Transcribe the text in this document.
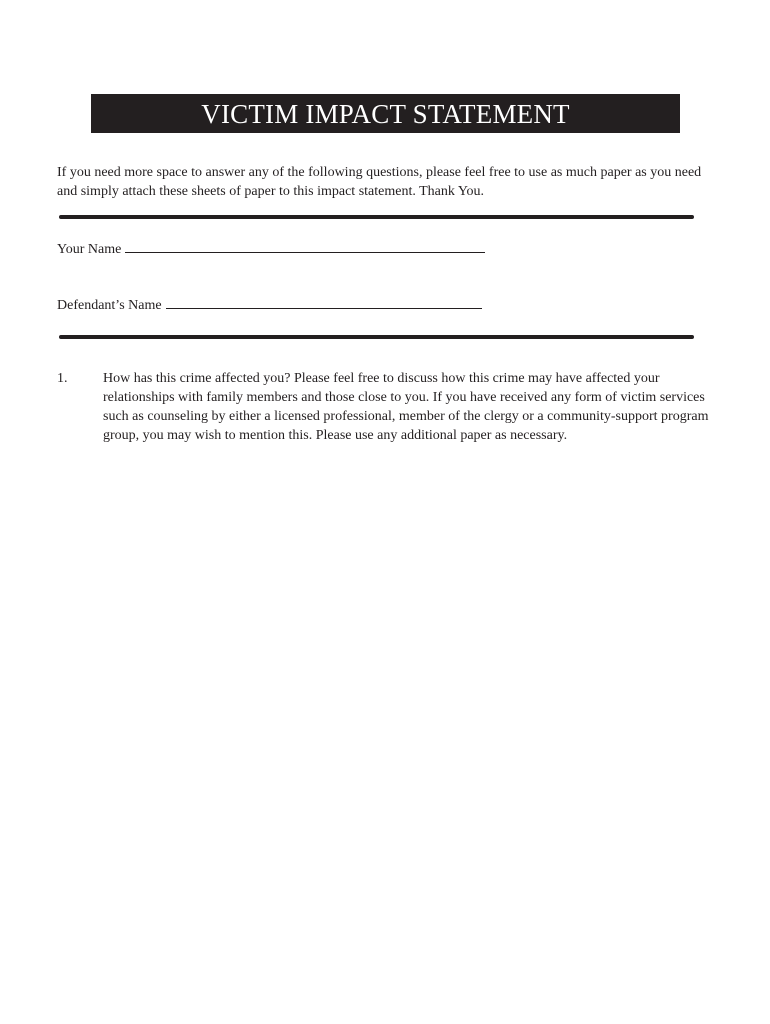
VICTIM IMPACT STATEMENT
If you need more space to answer any of the following questions, please feel free to use as much paper as you need and simply attach these sheets of paper to this impact statement. Thank You.
Your Name
Defendant’s Name
1.	How has this crime affected you? Please feel free to discuss how this crime may have affected your relationships with family members and those close to you. If you have received any form of victim services such as counseling by either a licensed professional, member of the clergy or a community-support program group, you may wish to mention this. Please use any additional paper as necessary.
